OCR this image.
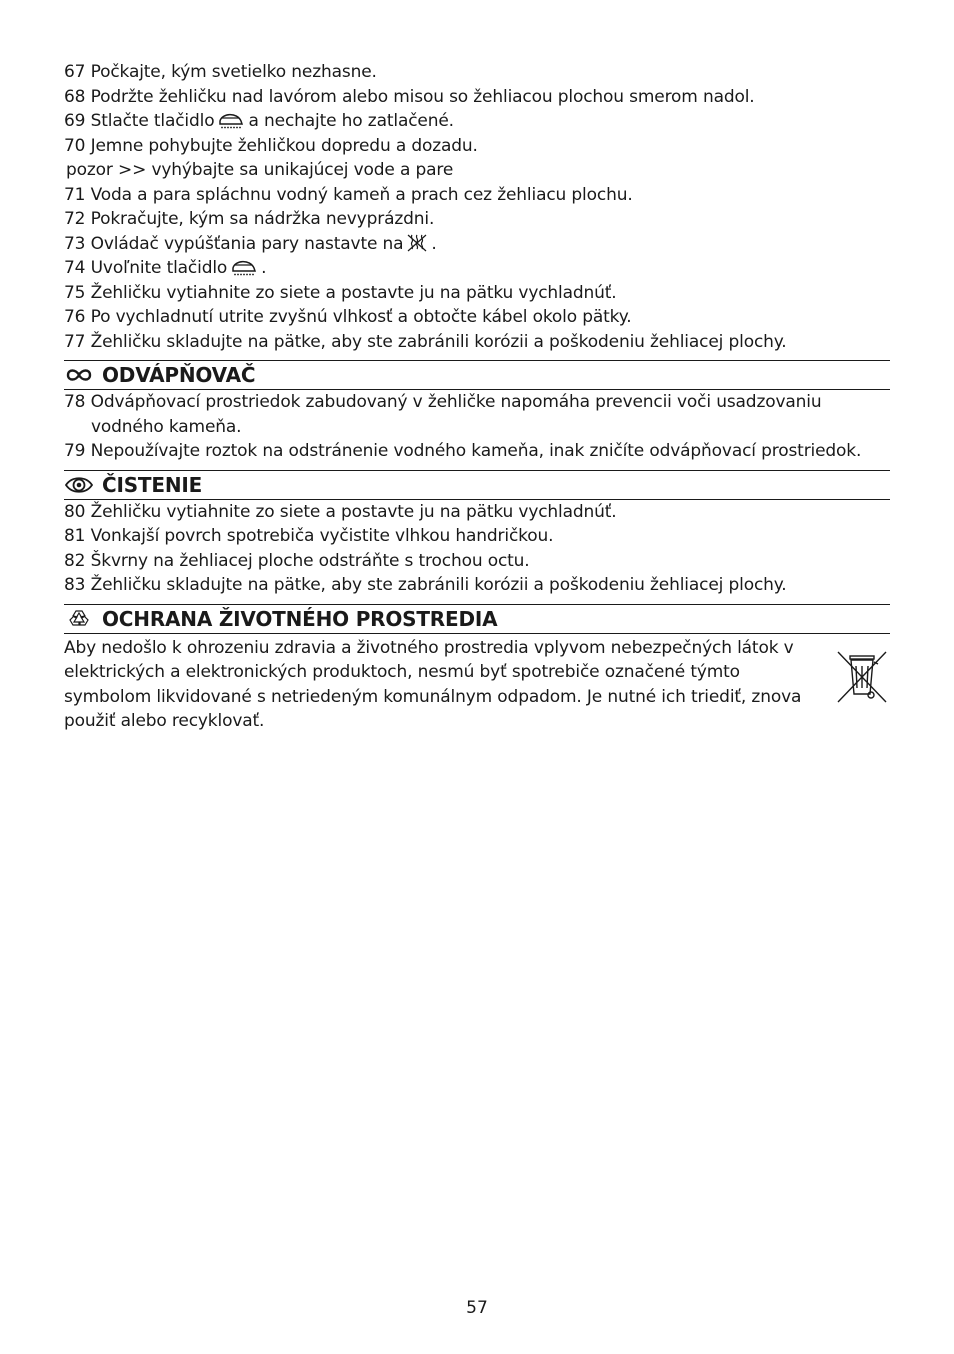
67 Počkajte, kým svetielko nezhasne.
68 Podržte žehličku nad lavórom alebo misou so žehliacou plochou smerom nadol.
69 Stlačte tlačidlo a nechajte ho zatlačené.
70 Jemne pohybujte žehličkou dopredu a dozadu.
pozor >> vyhýbajte sa unikajúcej vode a pare
71 Voda a para spláchnu vodný kameň a prach cez žehliacu plochu.
72 Pokračujte, kým sa nádržka nevyprázdni.
73 Ovládač vypúšťania pary nastavte na .
74 Uvoľnite tlačidlo .
75 Žehličku vytiahnite zo siete a postavte ju na pätku vychladnúť.
76 Po vychladnutí utrite zvyšnú vlhkosť a obtočte kábel okolo pätky.
77 Žehličku skladujte na pätke, aby ste zabránili korózii a poškodeniu žehliacej plochy.
ODVÁPŇOVAČ
78 Odvápňovací prostriedok zabudovaný v žehličke napomáha prevencii voči usadzovaniu
vodného kameňa.
79 Nepoužívajte roztok na odstránenie vodného kameňa, inak zničíte odvápňovací prostriedok.
ČISTENIE
80 Žehličku vytiahnite zo siete a postavte ju na pätku vychladnúť.
81 Vonkajší povrch spotrebiča vyčistite vlhkou handričkou.
82 Škvrny na žehliacej ploche odstráňte s trochou octu.
83 Žehličku skladujte na pätke, aby ste zabránili korózii a poškodeniu žehliacej plochy.
OCHRANA ŽIVOTNÉHO PROSTREDIA
Aby nedošlo k ohrozeniu zdravia a životného prostredia vplyvom nebezpečných látok v elektrických a elektronických produktoch, nesmú byť spotrebiče označené týmto symbolom likvidované s netriedeným komunálnym odpadom. Je nutné ich triediť, znova použiť alebo recyklovať.
57
